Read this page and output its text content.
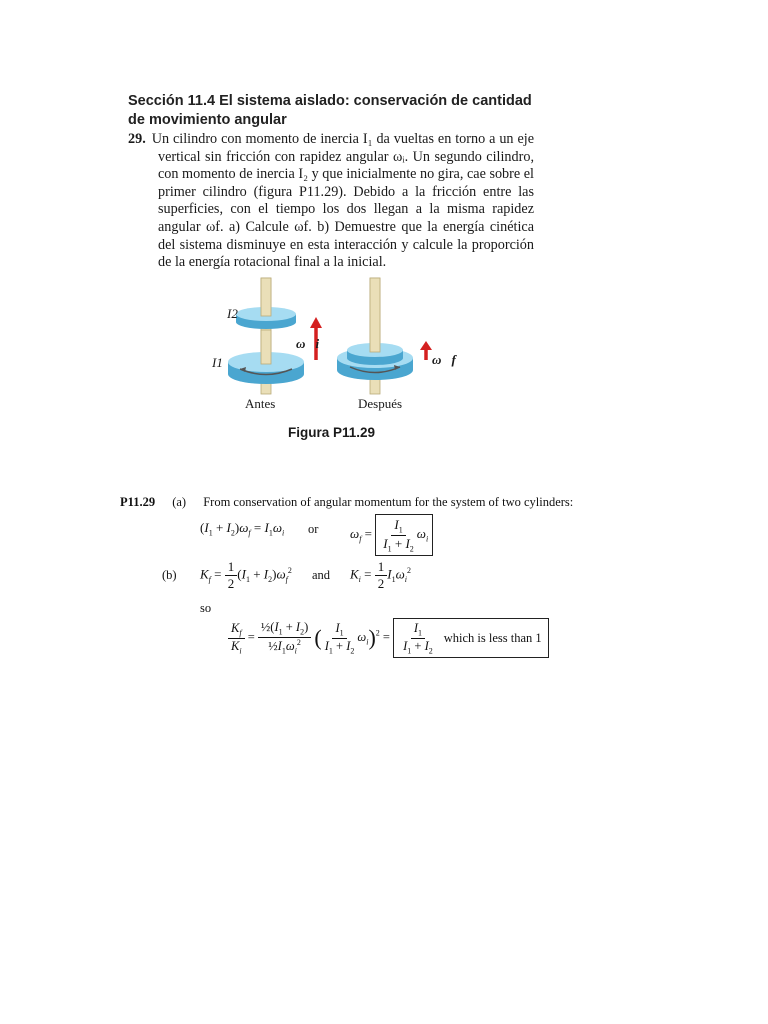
Sección 11.4 El sistema aislado: conservación de cantidad de movimiento angular
29. Un cilindro con momento de inercia I₁ da vueltas en torno a un eje vertical sin fricción con rapidez angular ωᵢ. Un segundo cilindro, con momento de inercia I₂ y que inicialmente no gira, cae sobre el primer cilindro (figura P11.29). Debido a la fricción entre las superficies, con el tiempo los dos llegan a la misma rapidez angular ωf. a) Calcule ωf. b) Demuestre que la energía cinética del sistema disminuye en esta interacción y calcule la proporción de la energía rotacional final a la inicial.
I2
I1
ω⃗i
ω⃗f
Antes	Después
Figura P11.29
P11.29 (a) From conservation of angular momentum for the system of two cylinders:
$(I_1 + I_2)\omega_f = I_1\omega_i$ or $\omega_f = \frac{I_1}{I_1 + I_2} \omega_i$
(b) $K_f = \frac{1}{2} (I_1 + I_2)\omega_f^2$ and $K_i = \frac{1}{2} I_1\omega_i^2$
so
$\frac{K_f}{K_i} = \frac{\frac{1}{2}(I_1 + I_2)}{\frac{1}{2}I_1\omega_i^2}$ ( $\frac{I_1}{I_1 + I_2} \omega_i)^2 = \frac{I_1}{I_1 + I_2}$ which is less than 1
